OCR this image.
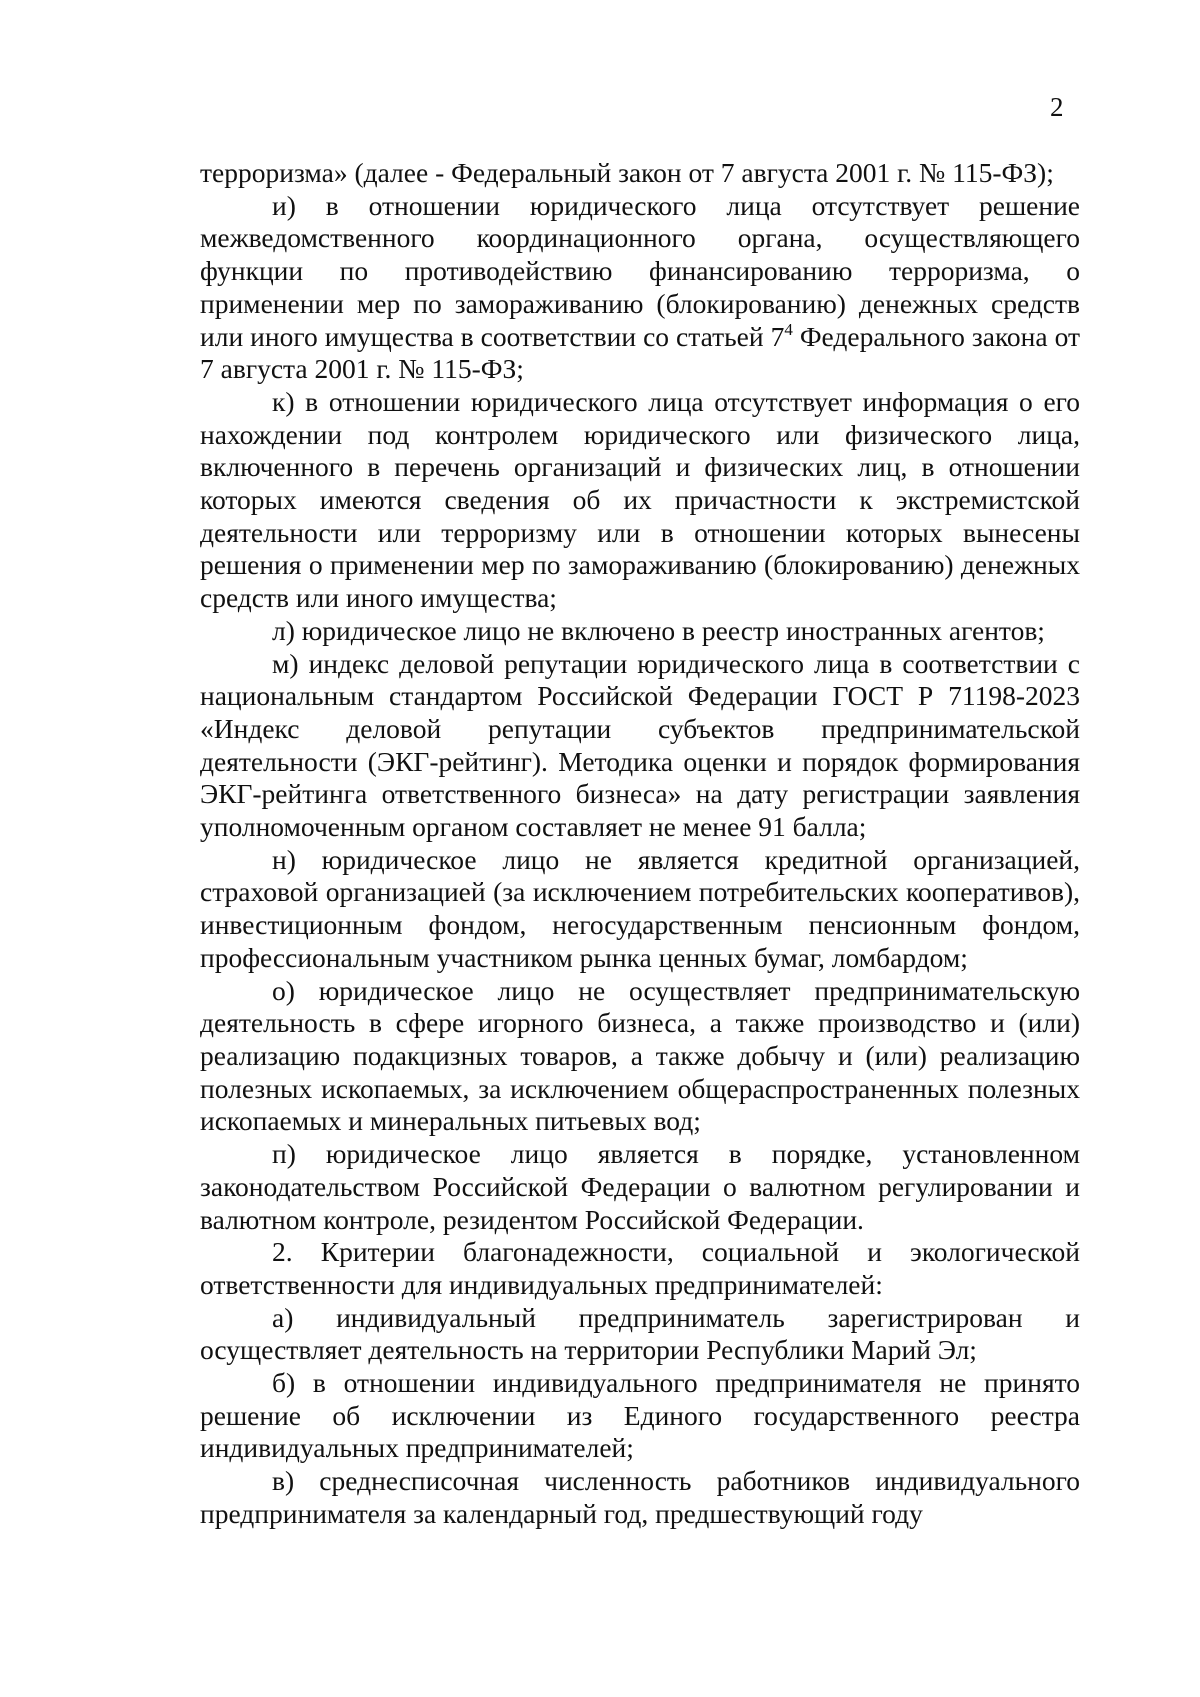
2

терроризма» (далее - Федеральный закон от 7 августа 2001 г. № 115-ФЗ);

и) в отношении юридического лица отсутствует решение межведомственного координационного органа, осуществляющего функции по противодействию финансированию терроризма, о применении мер по замораживанию (блокированию) денежных средств или иного имущества в соответствии со статьей $7^4$ Федерального закона от 7 августа 2001 г. № 115-ФЗ;

к) в отношении юридического лица отсутствует информация о его нахождении под контролем юридического или физического лица, включенного в перечень организаций и физических лиц, в отношении которых имеются сведения об их причастности к экстремистской деятельности или терроризму или в отношении которых вынесены решения о применении мер по замораживанию (блокированию) денежных средств или иного имущества;

л) юридическое лицо не включено в реестр иностранных агентов;

м) индекс деловой репутации юридического лица в соответствии с национальным стандартом Российской Федерации ГОСТ Р 71198-2023 «Индекс деловой репутации субъектов предпринимательской деятельности (ЭКГ-рейтинг). Методика оценки и порядок формирования ЭКГ-рейтинга ответственного бизнеса» на дату регистрации заявления уполномоченным органом составляет не менее 91 балла;

н) юридическое лицо не является кредитной организацией, страховой организацией (за исключением потребительских кооперативов), инвестиционным фондом, негосударственным пенсионным фондом, профессиональным участником рынка ценных бумаг, ломбардом;

о) юридическое лицо не осуществляет предпринимательскую деятельность в сфере игорного бизнеса, а также производство и (или) реализацию подакцизных товаров, а также добычу и (или) реализацию полезных ископаемых, за исключением общераспространенных полезных ископаемых и минеральных питьевых вод;

п) юридическое лицо является в порядке, установленном законодательством Российской Федерации о валютном регулировании и валютном контроле, резидентом Российской Федерации.

2. Критерии благонадежности, социальной и экологической ответственности для индивидуальных предпринимателей:

а) индивидуальный предприниматель зарегистрирован и осуществляет деятельность на территории Республики Марий Эл;

б) в отношении индивидуального предпринимателя не принято решение об исключении из Единого государственного реестра индивидуальных предпринимателей;

в) среднесписочная численность работников индивидуального предпринимателя за календарный год, предшествующий году
